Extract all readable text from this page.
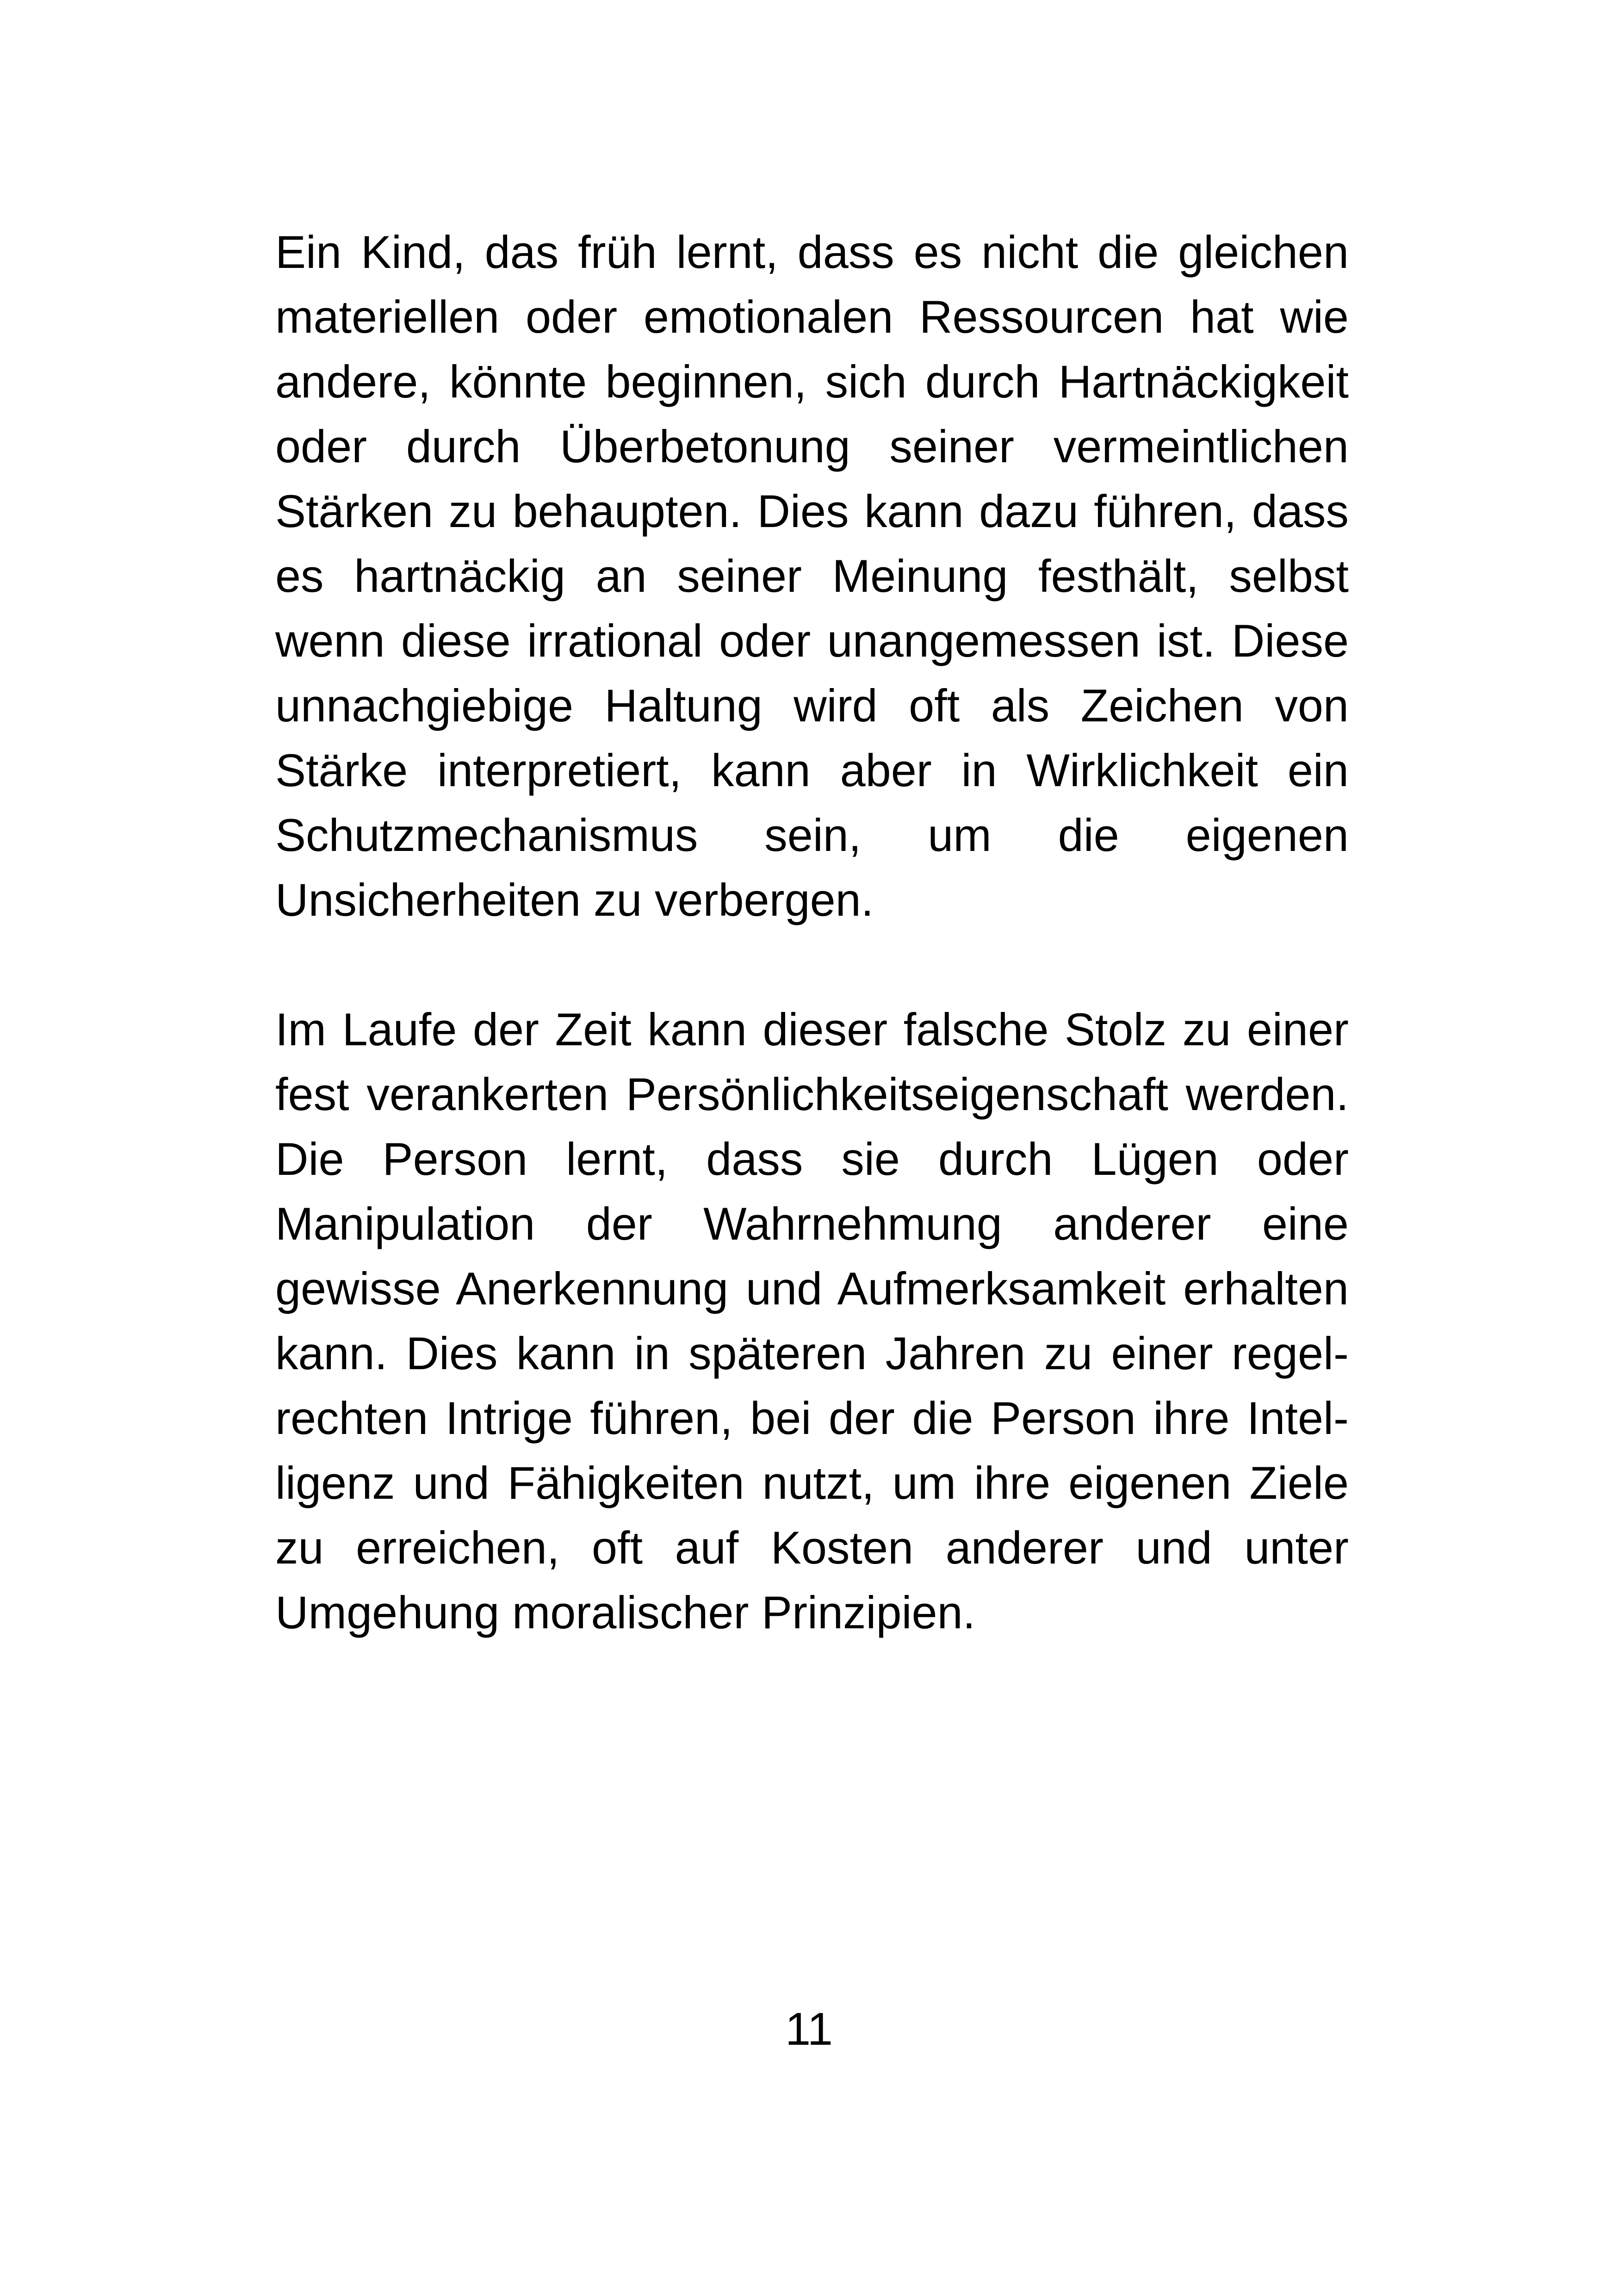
Ein Kind, das früh lernt, dass es nicht die gleichen materiellen oder emotionalen Ressourcen hat wie andere, könnte beginnen, sich durch Hartnäckigkeit oder durch Überbetonung seiner vermeintlichen Stärken zu behaupten. Dies kann dazu führen, dass es hartnäckig an seiner Meinung festhält, selbst wenn diese irrational oder unangemessen ist. Diese unnachgiebige Haltung wird oft als Zeichen von Stärke interpretiert, kann aber in Wirklichkeit ein Schutzmechanismus sein, um die eigenen Unsicherheiten zu verbergen.

Im Laufe der Zeit kann dieser falsche Stolz zu einer fest verankerten Persönlichkeitseigenschaft werden. Die Person lernt, dass sie durch Lügen oder Manipulation der Wahrnehmung anderer eine gewisse Anerkennung und Aufmerksamkeit erhalten kann. Dies kann in späteren Jahren zu einer regelrechten Intrige führen, bei der die Person ihre Intelligenz und Fähigkeiten nutzt, um ihre eigenen Ziele zu erreichen, oft auf Kosten anderer und unter Umgehung moralischer Prinzipien.

11
